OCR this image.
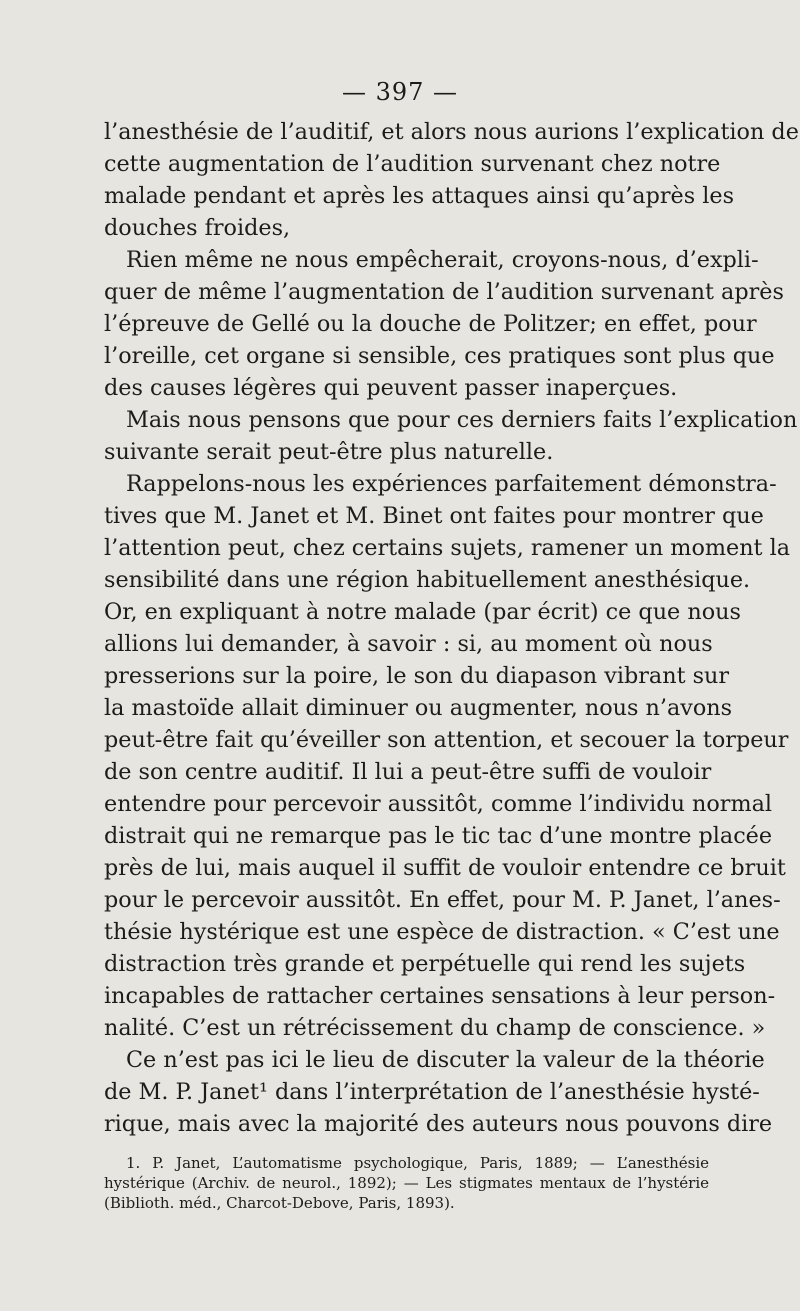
— 397 —

l’anesthésie de l’auditif, et alors nous aurions l’explication de
cette augmentation de l’audition survenant chez notre
malade pendant et après les attaques ainsi qu’après les
douches froides,

Rien même ne nous empêcherait, croyons-nous, d’expli-
quer de même l’augmentation de l’audition survenant après
l’épreuve de Gellé ou la douche de Politzer; en effet, pour
l’oreille, cet organe si sensible, ces pratiques sont plus que
des causes légères qui peuvent passer inaperçues.

Mais nous pensons que pour ces derniers faits l’explication
suivante serait peut-être plus naturelle.

Rappelons-nous les expériences parfaitement démonstra-
tives que M. Janet et M. Binet ont faites pour montrer que
l’attention peut, chez certains sujets, ramener un moment la
sensibilité dans une région habituellement anesthésique.
Or, en expliquant à notre malade (par écrit) ce que nous
allions lui demander, à savoir : si, au moment où nous
presserions sur la poire, le son du diapason vibrant sur
la mastoïde allait diminuer ou augmenter, nous n’avons
peut-être fait qu’éveiller son attention, et secouer la torpeur
de son centre auditif. Il lui a peut-être suffi de vouloir
entendre pour percevoir aussitôt, comme l’individu normal
distrait qui ne remarque pas le tic tac d’une montre placée
près de lui, mais auquel il suffit de vouloir entendre ce bruit
pour le percevoir aussitôt. En effet, pour M. P. Janet, l’anes-
thésie hystérique est une espèce de distraction. « C’est une
distraction très grande et perpétuelle qui rend les sujets
incapables de rattacher certaines sensations à leur person-
nalité. C’est un rétrécissement du champ de conscience. »

Ce n’est pas ici le lieu de discuter la valeur de la théorie
de M. P. Janet¹ dans l’interprétation de l’anesthésie hysté-
rique, mais avec la majorité des auteurs nous pouvons dire

1. P. Janet, L’automatisme psychologique, Paris, 1889; — L’anesthésie
hystérique (Archiv. de neurol., 1892); — Les stigmates mentaux de l’hystérie
(Biblioth. méd., Charcot-Debove, Paris, 1893).
